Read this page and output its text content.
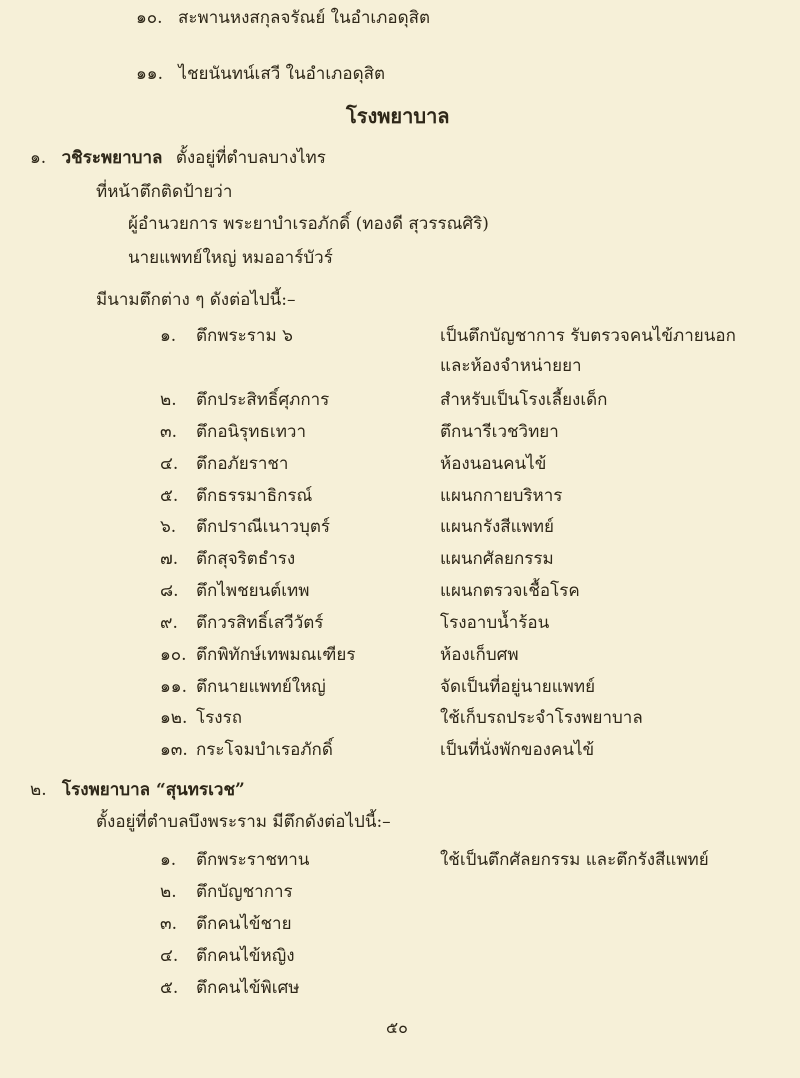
๑๐. สะพานหงสกุลจรัณย์ ในอำเภอดุสิต
๑๑. ไชยนันทน์เสวี ในอำเภอดุสิต
โรงพยาบาล
๑. วชิระพยาบาล ตั้งอยู่ที่ตำบลบางไทร
ที่หน้าตึกติดป้ายว่า
ผู้อำนวยการ พระยาบำเรอภักดิ์ (ทองดี สุวรรณศิริ)
นายแพทย์ใหญ่ หมออาร์บัวร์
มีนามตึกต่าง ๆ ดังต่อไปนี้:–
๑. ตึกพระราม ๖	เป็นตึกบัญชาการ รับตรวจคนไข้ภายนอก
และห้องจำหน่ายยา
๒. ตึกประสิทธิ์ศุภการ	สำหรับเป็นโรงเลี้ยงเด็ก
๓. ตึกอนิรุทธเทวา	ตึกนารีเวชวิทยา
๔. ตึกอภัยราชา	ห้องนอนคนไข้
๕. ตึกธรรมาธิกรณ์	แผนกกายบริหาร
๖. ตึกปราณีเนาวบุตร์	แผนกรังสีแพทย์
๗. ตึกสุจริตธำรง	แผนกศัลยกรรม
๘. ตึกไพชยนต์เทพ	แผนกตรวจเชื้อโรค
๙. ตึกวรสิทธิ์เสวีวัตร์	โรงอาบน้ำร้อน
๑๐. ตึกพิทักษ์เทพมณเฑียร	ห้องเก็บศพ
๑๑. ตึกนายแพทย์ใหญ่	จัดเป็นที่อยู่นายแพทย์
๑๒. โรงรถ	ใช้เก็บรถประจำโรงพยาบาล
๑๓. กระโจมบำเรอภักดิ์	เป็นที่นั่งพักของคนไข้
๒. โรงพยาบาล “สุนทรเวช”
ตั้งอยู่ที่ตำบลบึงพระราม มีตึกดังต่อไปนี้:–
๑. ตึกพระราชทาน	ใช้เป็นตึกศัลยกรรม และตึกรังสีแพทย์
๒. ตึกบัญชาการ
๓. ตึกคนไข้ชาย
๔. ตึกคนไข้หญิง
๕. ตึกคนไข้พิเศษ
๕๐
